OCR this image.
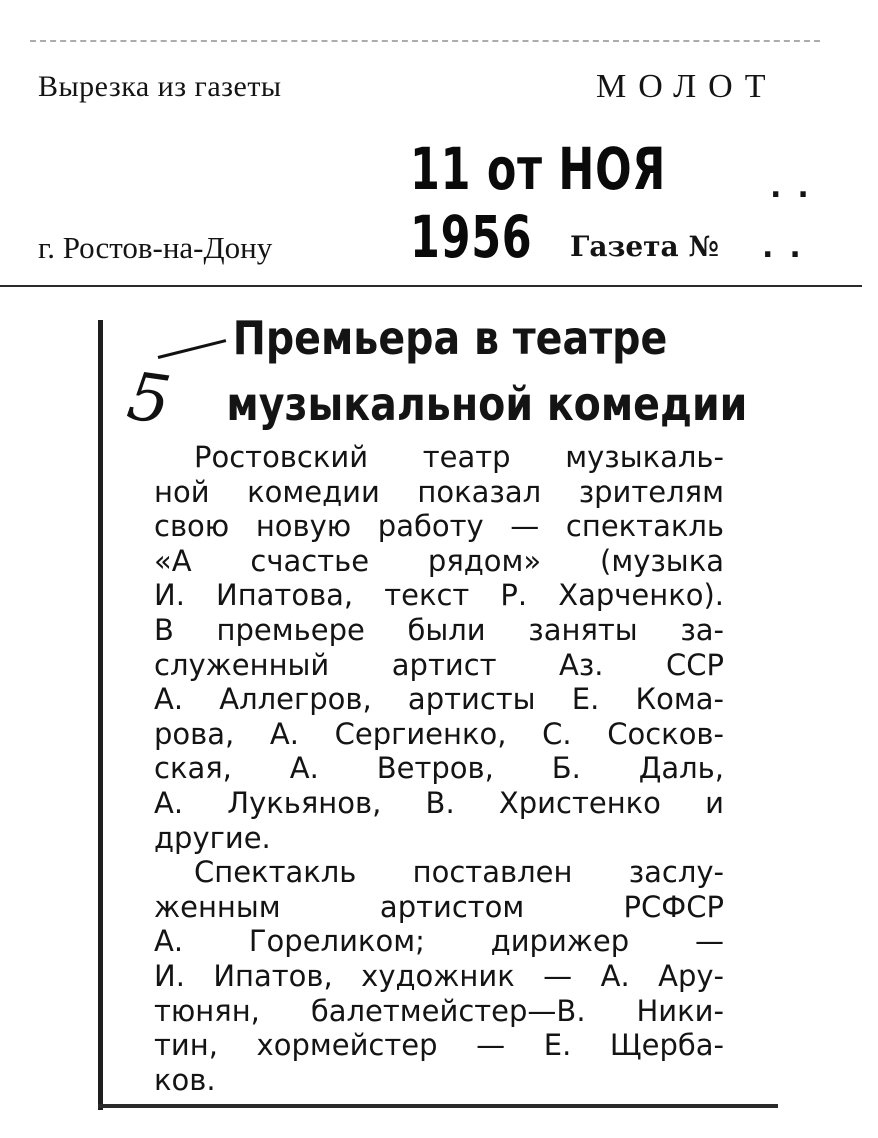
Вырезка из газеты	МОЛОТ
11 от НОЯ 1956
..
г. Ростов-на-Дону	Газета № ..
5
Премьера в театре
музыкальной комедии
Ростовский театр музыкаль-
ной комедии показал зрителям
свою новую работу — спектакль
«А счастье рядом» (музыка
И. Ипатова, текст Р. Харченко).
В премьере были заняты за-
служенный артист Аз. ССР
А. Аллегров, артисты Е. Кома-
рова, А. Сергиенко, С. Сосков-
ская, А. Ветров, Б. Даль,
А. Лукьянов, В. Христенко и
другие.
Спектакль поставлен заслу-
женным артистом РСФСР
А. Гореликом; дирижер —
И. Ипатов, художник — А. Ару-
тюнян, балетмейстер—В. Ники-
тин, хормейстер — Е. Щерба-
ков.
